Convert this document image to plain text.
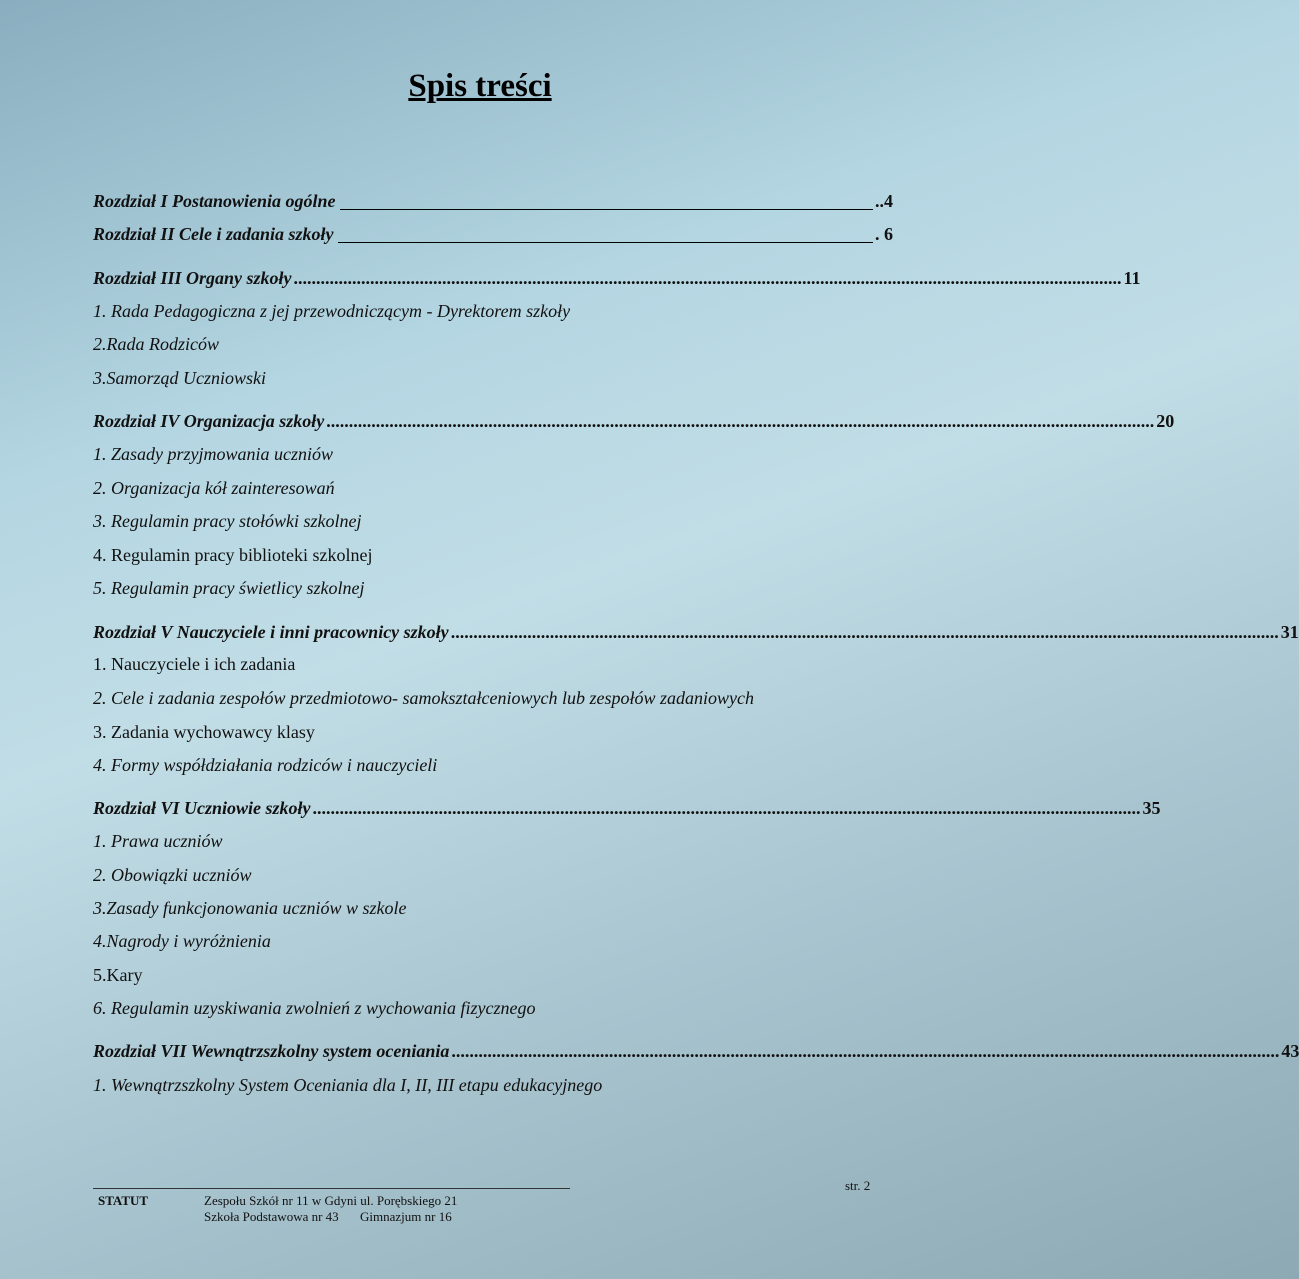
Spis treści
Rozdział I Postanowienia ogólne	..4
Rozdział II Cele i zadania szkoły	. 6
Rozdział III Organy szkoły ........................................................................................................................................................................................ 11
1. Rada Pedagogiczna z jej przewodniczącym - Dyrektorem szkoły
2.Rada Rodziców
3.Samorząd Uczniowski
Rozdział IV Organizacja szkoły ........................................................................................................................................................................................ 20
1. Zasady przyjmowania uczniów
2. Organizacja kół zainteresowań
3. Regulamin pracy stołówki szkolnej
4. Regulamin pracy biblioteki szkolnej
5. Regulamin pracy świetlicy szkolnej
Rozdział V Nauczyciele i inni pracownicy szkoły ........................................................................................................................................................................................ 31
1. Nauczyciele i ich zadania
2. Cele i zadania zespołów przedmiotowo- samokształceniowych lub zespołów zadaniowych
3. Zadania wychowawcy klasy
4. Formy współdziałania rodziców i nauczycieli
Rozdział VI Uczniowie szkoły ........................................................................................................................................................................................ 35
1. Prawa uczniów
2. Obowiązki uczniów
3.Zasady funkcjonowania uczniów w szkole
4.Nagrody i wyróżnienia
5.Kary
6. Regulamin uzyskiwania zwolnień z wychowania fizycznego
Rozdział VII Wewnątrzszkolny system oceniania ........................................................................................................................................................................................ 43
1. Wewnątrzszkolny System Oceniania dla I, II, III etapu edukacyjnego
STATUT	Zespołu Szkół nr 11 w Gdyni ul. Porębskiego 21
Szkoła Podstawowa nr 43 Gimnazjum nr 16
str. 2
